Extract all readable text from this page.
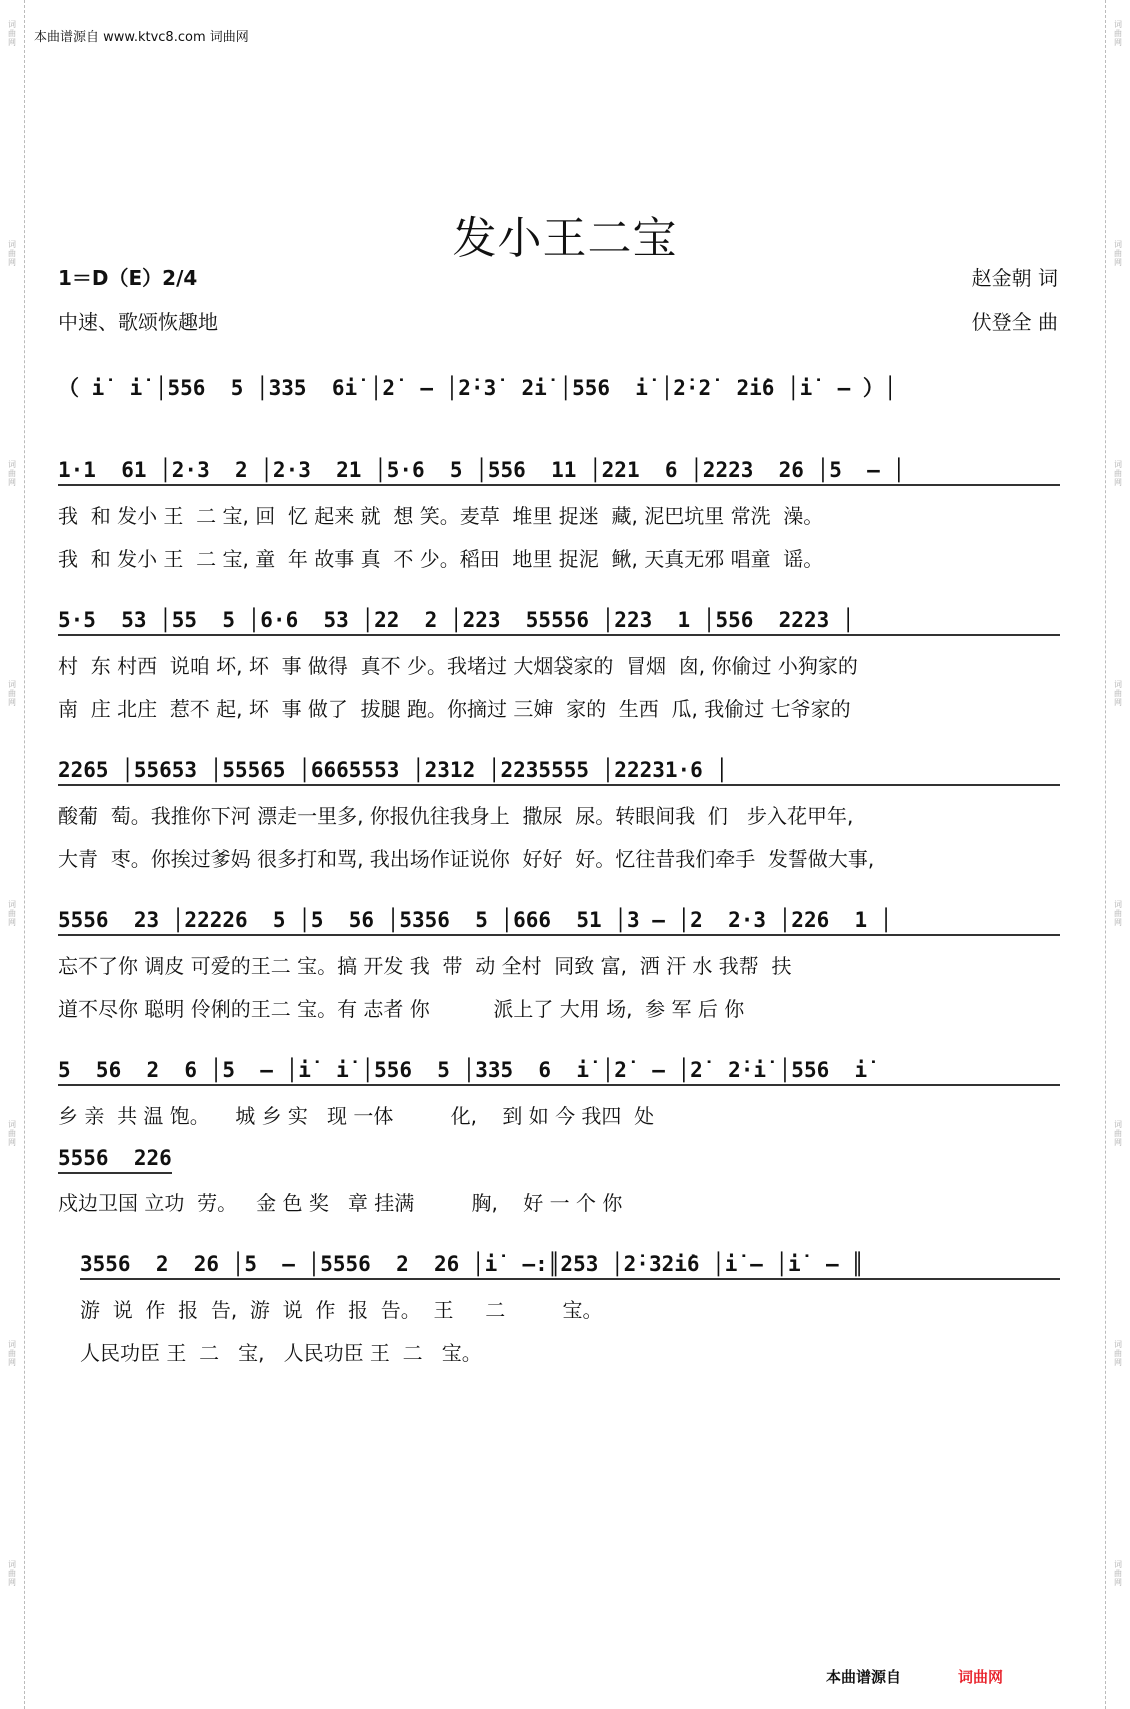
词
曲
网
词
曲
网
词
曲
网
词
曲
网
词
曲
网
词
曲
网
词
曲
网
词
曲
网
词
曲
网
词
曲
网
词
曲
网
词
曲
网
词
曲
网
词
曲
网
词
曲
网
词
曲
网
本曲谱源自 www.ktvc8.com 词曲网
发小王二宝
1＝D（E）2/4
中速、歌颂恢趣地
赵金朝 词
伏登全 曲
（ i̇  i̇ │556  5 │335  6i̇ │2̇  — │2̇·3̇  2̇i̇ │556  i̇ │2̇·2̇  2̇i̇6 │i̇  — ）│
1·1  61 │2·3  2 │2·3  21 │5·6  5 │556  11 │221  6 │2223  26 │5  — │
我  和 发小 王  二 宝, 回  忆 起来 就  想 笑。麦草  堆里 捉迷  藏, 泥巴坑里 常洗  澡。
我  和 发小 王  二 宝, 童  年 故事 真  不 少。稻田  地里 捉泥  鳅, 天真无邪 唱童  谣。
5·5  53 │55  5 │6·6  53 │22  2 │223  55556 │223  1 │556  2223 │
村  东 村西  说咱 坏, 坏  事 做得  真不 少。我堵过 大烟袋家的  冒烟  囱, 你偷过 小狗家的
南  庄 北庄  惹不 起, 坏  事 做了  拔腿 跑。你摘过 三婶  家的  生西  瓜, 我偷过 七爷家的
2265 │55653 │55565 │6665553 │2312 │2235555 │22231·6 │
酸葡  萄。我推你下河 漂走一里多, 你报仇往我身上  撒尿  尿。转眼间我  们   步入花甲年,
大青  枣。你挨过爹妈 很多打和骂, 我出场作证说你  好好  好。忆往昔我们牵手  发誓做大事,
5556  23 │22226  5 │5  56 │5356  5 │666  51 │3 — │2  2·3 │226  1 │
忘不了你 调皮 可爱的王二 宝。搞 开发 我  带  动 全村  同致 富,  洒 汗 水 我帮  扶
道不尽你 聪明 伶俐的王二 宝。有 志者 你          派上了 大用 场,  参 军 后 你
5  56  2  6 │5  — │i̇  i̇ │556  5 │335  6  i̇ │2̇  — │2̇  2̇·i̇ │556  i̇
乡 亲  共 温 饱。    城 乡 实   现 一体         化,    到 如 今 我四  处
5556  226
戍边卫国 立功  劳。   金 色 奖   章 挂满         胸,    好 一 个 你
3556  2  26 │5  — │5556  2  26 │i̇  —:║253 │2̇·32i̇6 │i̇ — │i̇  — ║
游  说  作  报  告,  游  说  作  报  告。  王     二         宝。
人民功臣 王  二   宝,   人民功臣 王  二   宝。
本曲谱源自	词曲网
